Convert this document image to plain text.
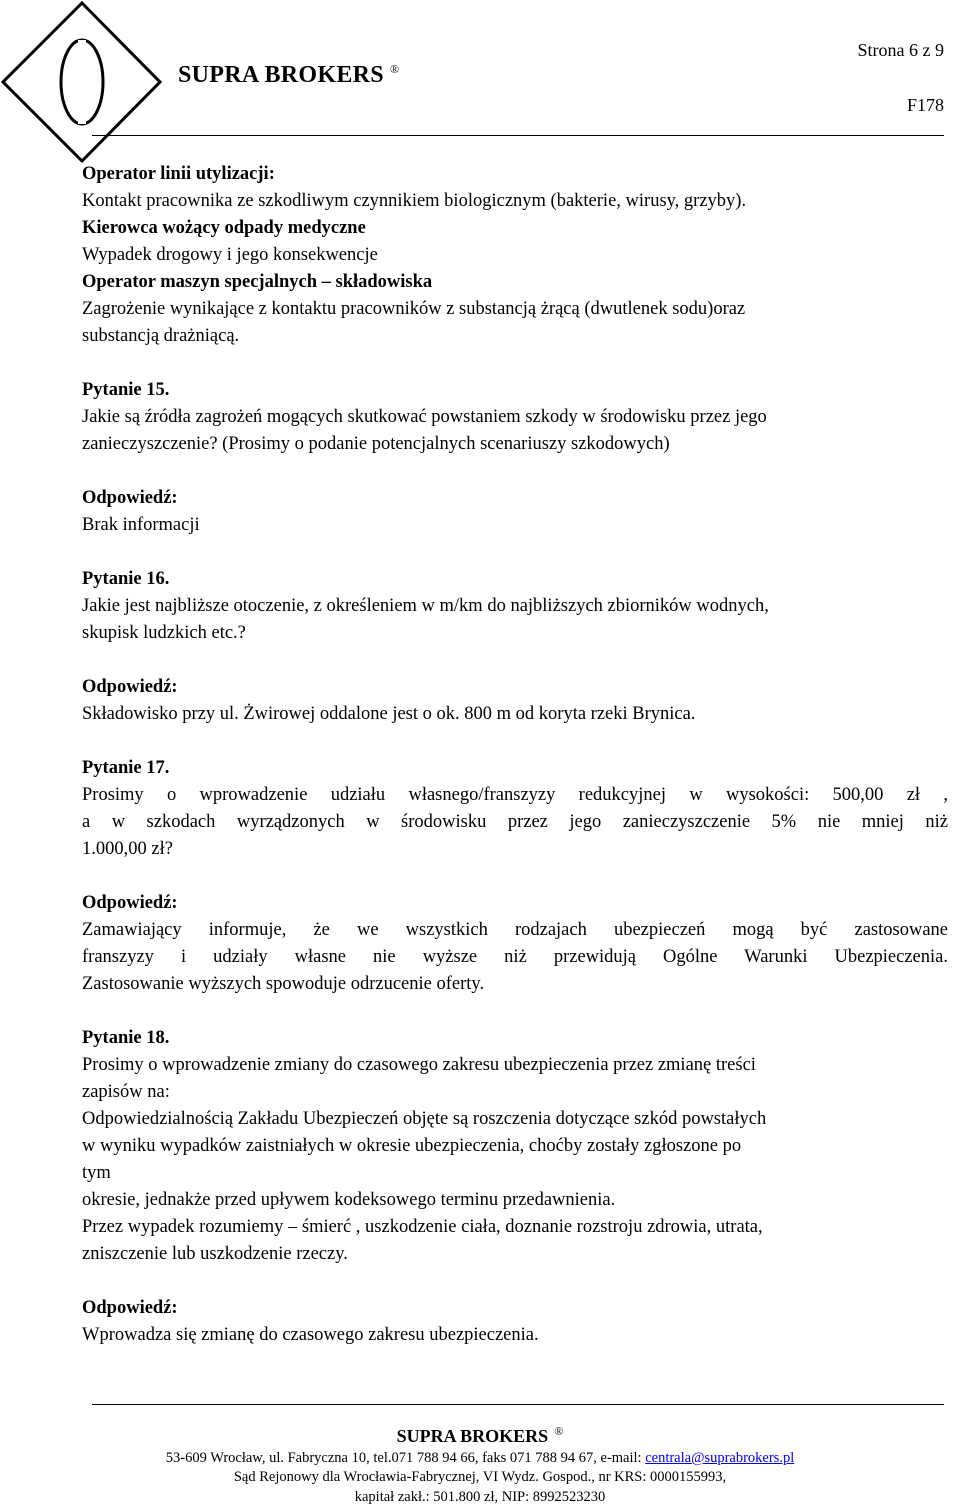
SUPRA BROKERS ®
Strona 6 z 9
F178

Operator linii utylizacji:

Kontakt pracownika ze szkodliwym czynnikiem biologicznym (bakterie, wirusy, grzyby).

Kierowca wożący odpady medyczne

Wypadek drogowy i jego konsekwencje

Operator maszyn specjalnych – składowiska

Zagrożenie wynikające z kontaktu pracowników z substancją żrącą (dwutlenek sodu)oraz

substancją drażniącą.

Pytanie 15.

Jakie są źródła zagrożeń mogących skutkować powstaniem szkody w środowisku przez jego

zanieczyszczenie? (Prosimy o podanie potencjalnych scenariuszy szkodowych)

Odpowiedź:

Brak informacji

Pytanie 16.

Jakie jest najbliższe otoczenie, z określeniem w m/km do najbliższych zbiorników wodnych,

skupisk ludzkich etc.?

Odpowiedź:

Składowisko przy ul. Żwirowej oddalone jest o ok. 800 m od koryta rzeki Brynica.

Pytanie 17.

Prosimy o wprowadzenie udziału własnego/franszyzy redukcyjnej w wysokości: 500,00 zł ,

a w szkodach wyrządzonych w środowisku przez jego zanieczyszczenie 5% nie mniej niż

1.000,00 zł?

Odpowiedź:

Zamawiający informuje, że we wszystkich rodzajach ubezpieczeń mogą być zastosowane

franszyzy i udziały własne nie wyższe niż przewidują Ogólne Warunki Ubezpieczenia.

Zastosowanie wyższych spowoduje odrzucenie oferty.

Pytanie 18.

Prosimy o wprowadzenie zmiany do czasowego zakresu ubezpieczenia przez zmianę treści

zapisów na:

Odpowiedzialnością Zakładu Ubezpieczeń objęte są roszczenia dotyczące szkód powstałych

w wyniku wypadków zaistniałych w okresie ubezpieczenia, choćby zostały zgłoszone po

tym

okresie, jednakże przed upływem kodeksowego terminu przedawnienia.

Przez wypadek rozumiemy – śmierć , uszkodzenie ciała, doznanie rozstroju zdrowia, utrata,

zniszczenie lub uszkodzenie rzeczy.

Odpowiedź:

Wprowadza się zmianę do czasowego zakresu ubezpieczenia.

SUPRA BROKERS ®
53-609 Wrocław, ul. Fabryczna 10, tel.071 788 94 66, faks 071 788 94 67, e-mail: centrala@suprabrokers.pl
Sąd Rejonowy dla Wrocławia-Fabrycznej, VI Wydz. Gospod., nr KRS: 0000155993,
kapitał zakł.: 501.800 zł, NIP: 8992523230
